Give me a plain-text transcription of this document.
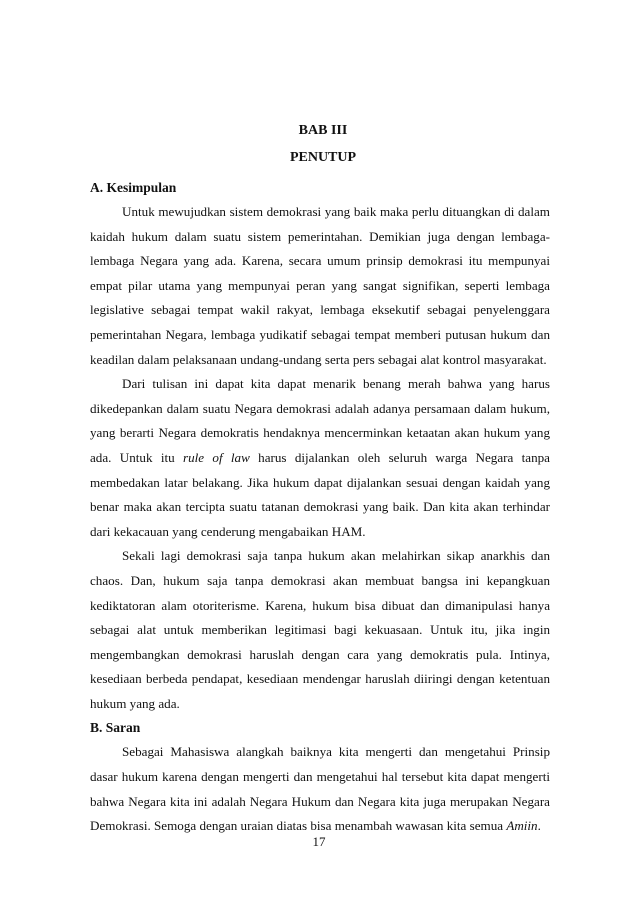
BAB III
PENUTUP
A. Kesimpulan

Untuk mewujudkan sistem demokrasi yang baik maka perlu dituangkan di dalam kaidah hukum dalam suatu sistem pemerintahan. Demikian juga dengan lembaga-lembaga Negara yang ada. Karena, secara umum prinsip demokrasi itu mempunyai empat pilar utama yang mempunyai peran yang sangat signifikan, seperti lembaga legislative sebagai tempat wakil rakyat, lembaga eksekutif sebagai penyelenggara pemerintahan Negara, lembaga yudikatif sebagai tempat memberi putusan hukum dan keadilan dalam pelaksanaan undang-undang serta pers sebagai alat kontrol masyarakat.

Dari tulisan ini dapat kita dapat menarik benang merah bahwa yang harus dikedepankan dalam suatu Negara demokrasi adalah adanya persamaan dalam hukum, yang berarti Negara demokratis hendaknya mencerminkan ketaatan akan hukum yang ada. Untuk itu rule of law harus dijalankan oleh seluruh warga Negara tanpa membedakan latar belakang. Jika hukum dapat dijalankan sesuai dengan kaidah yang benar maka akan tercipta suatu tatanan demokrasi yang baik. Dan kita akan terhindar dari kekacauan yang cenderung mengabaikan HAM.

Sekali lagi demokrasi saja tanpa hukum akan melahirkan sikap anarkhis dan chaos. Dan, hukum saja tanpa demokrasi akan membuat bangsa ini kepangkuan kediktatoran alam otoriterisme. Karena, hukum bisa dibuat dan dimanipulasi hanya sebagai alat untuk memberikan legitimasi bagi kekuasaan. Untuk itu, jika ingin mengembangkan demokrasi haruslah dengan cara yang demokratis pula. Intinya, kesediaan berbeda pendapat, kesediaan mendengar haruslah diiringi dengan ketentuan hukum yang ada.

B. Saran

Sebagai Mahasiswa alangkah baiknya kita mengerti dan mengetahui Prinsip dasar hukum karena dengan mengerti dan mengetahui hal tersebut kita dapat mengerti bahwa Negara kita ini adalah Negara Hukum dan Negara kita juga merupakan Negara Demokrasi. Semoga dengan uraian diatas bisa menambah wawasan kita semua Amiin.

17
